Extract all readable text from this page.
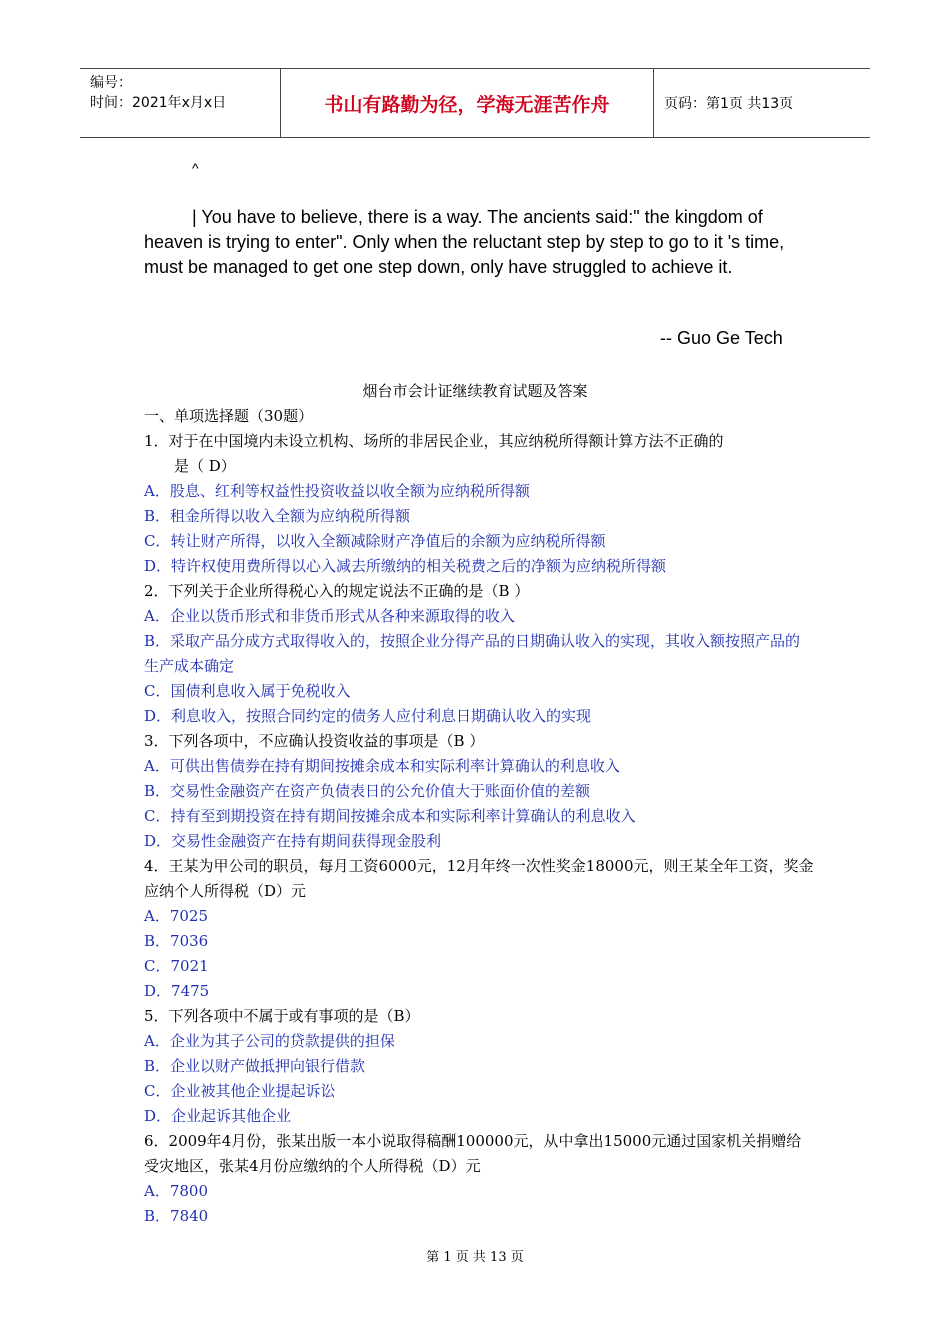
编号：
时间：2021年x月x日	书山有路勤为径，学海无涯苦作舟	页码：第1页 共13页
^
| You have to believe, there is a way. The ancients said:" the kingdom of heaven is trying to enter". Only when the reluctant step by step to go to it 's time, must be managed to get one step down, only have struggled to achieve it.
-- Guo Ge Tech
烟台市会计证继续教育试题及答案
一、单项选择题（30题）
1．对于在中国境内未设立机构、场所的非居民企业，其应纳税所得额计算方法不正确的
是（ D）
A．股息、红利等权益性投资收益以收全额为应纳税所得额
B．租金所得以收入全额为应纳税所得额
C．转让财产所得，以收入全额减除财产净值后的余额为应纳税所得额
D．特许权使用费所得以心入减去所缴纳的相关税费之后的净额为应纳税所得额
2．下列关于企业所得税心入的规定说法不正确的是（B ）
A．企业以货币形式和非货币形式从各种来源取得的收入
B．采取产品分成方式取得收入的，按照企业分得产品的日期确认收入的实现，其收入额按照产品的生产成本确定
C．国债利息收入属于免税收入
D．利息收入，按照合同约定的债务人应付利息日期确认收入的实现
3．下列各项中，不应确认投资收益的事项是（B ）
A．可供出售债券在持有期间按摊余成本和实际利率计算确认的利息收入
B．交易性金融资产在资产负债表日的公允价值大于账面价值的差额
C．持有至到期投资在持有期间按摊余成本和实际利率计算确认的利息收入
D．交易性金融资产在持有期间获得现金股利
4．王某为甲公司的职员，每月工资6000元，12月年终一次性奖金18000元，则王某全年工资，奖金应纳个人所得税（D）元
A．7025
B．7036
C．7021
D．7475
5．下列各项中不属于或有事项的是（B）
A．企业为其子公司的贷款提供的担保
B．企业以财产做抵押向银行借款
C．企业被其他企业提起诉讼
D．企业起诉其他企业
6．2009年4月份，张某出版一本小说取得稿酬100000元，从中拿出15000元通过国家机关捐赠给受灾地区，张某4月份应缴纳的个人所得税（D）元
A．7800
B．7840
第 1 页 共 13 页
